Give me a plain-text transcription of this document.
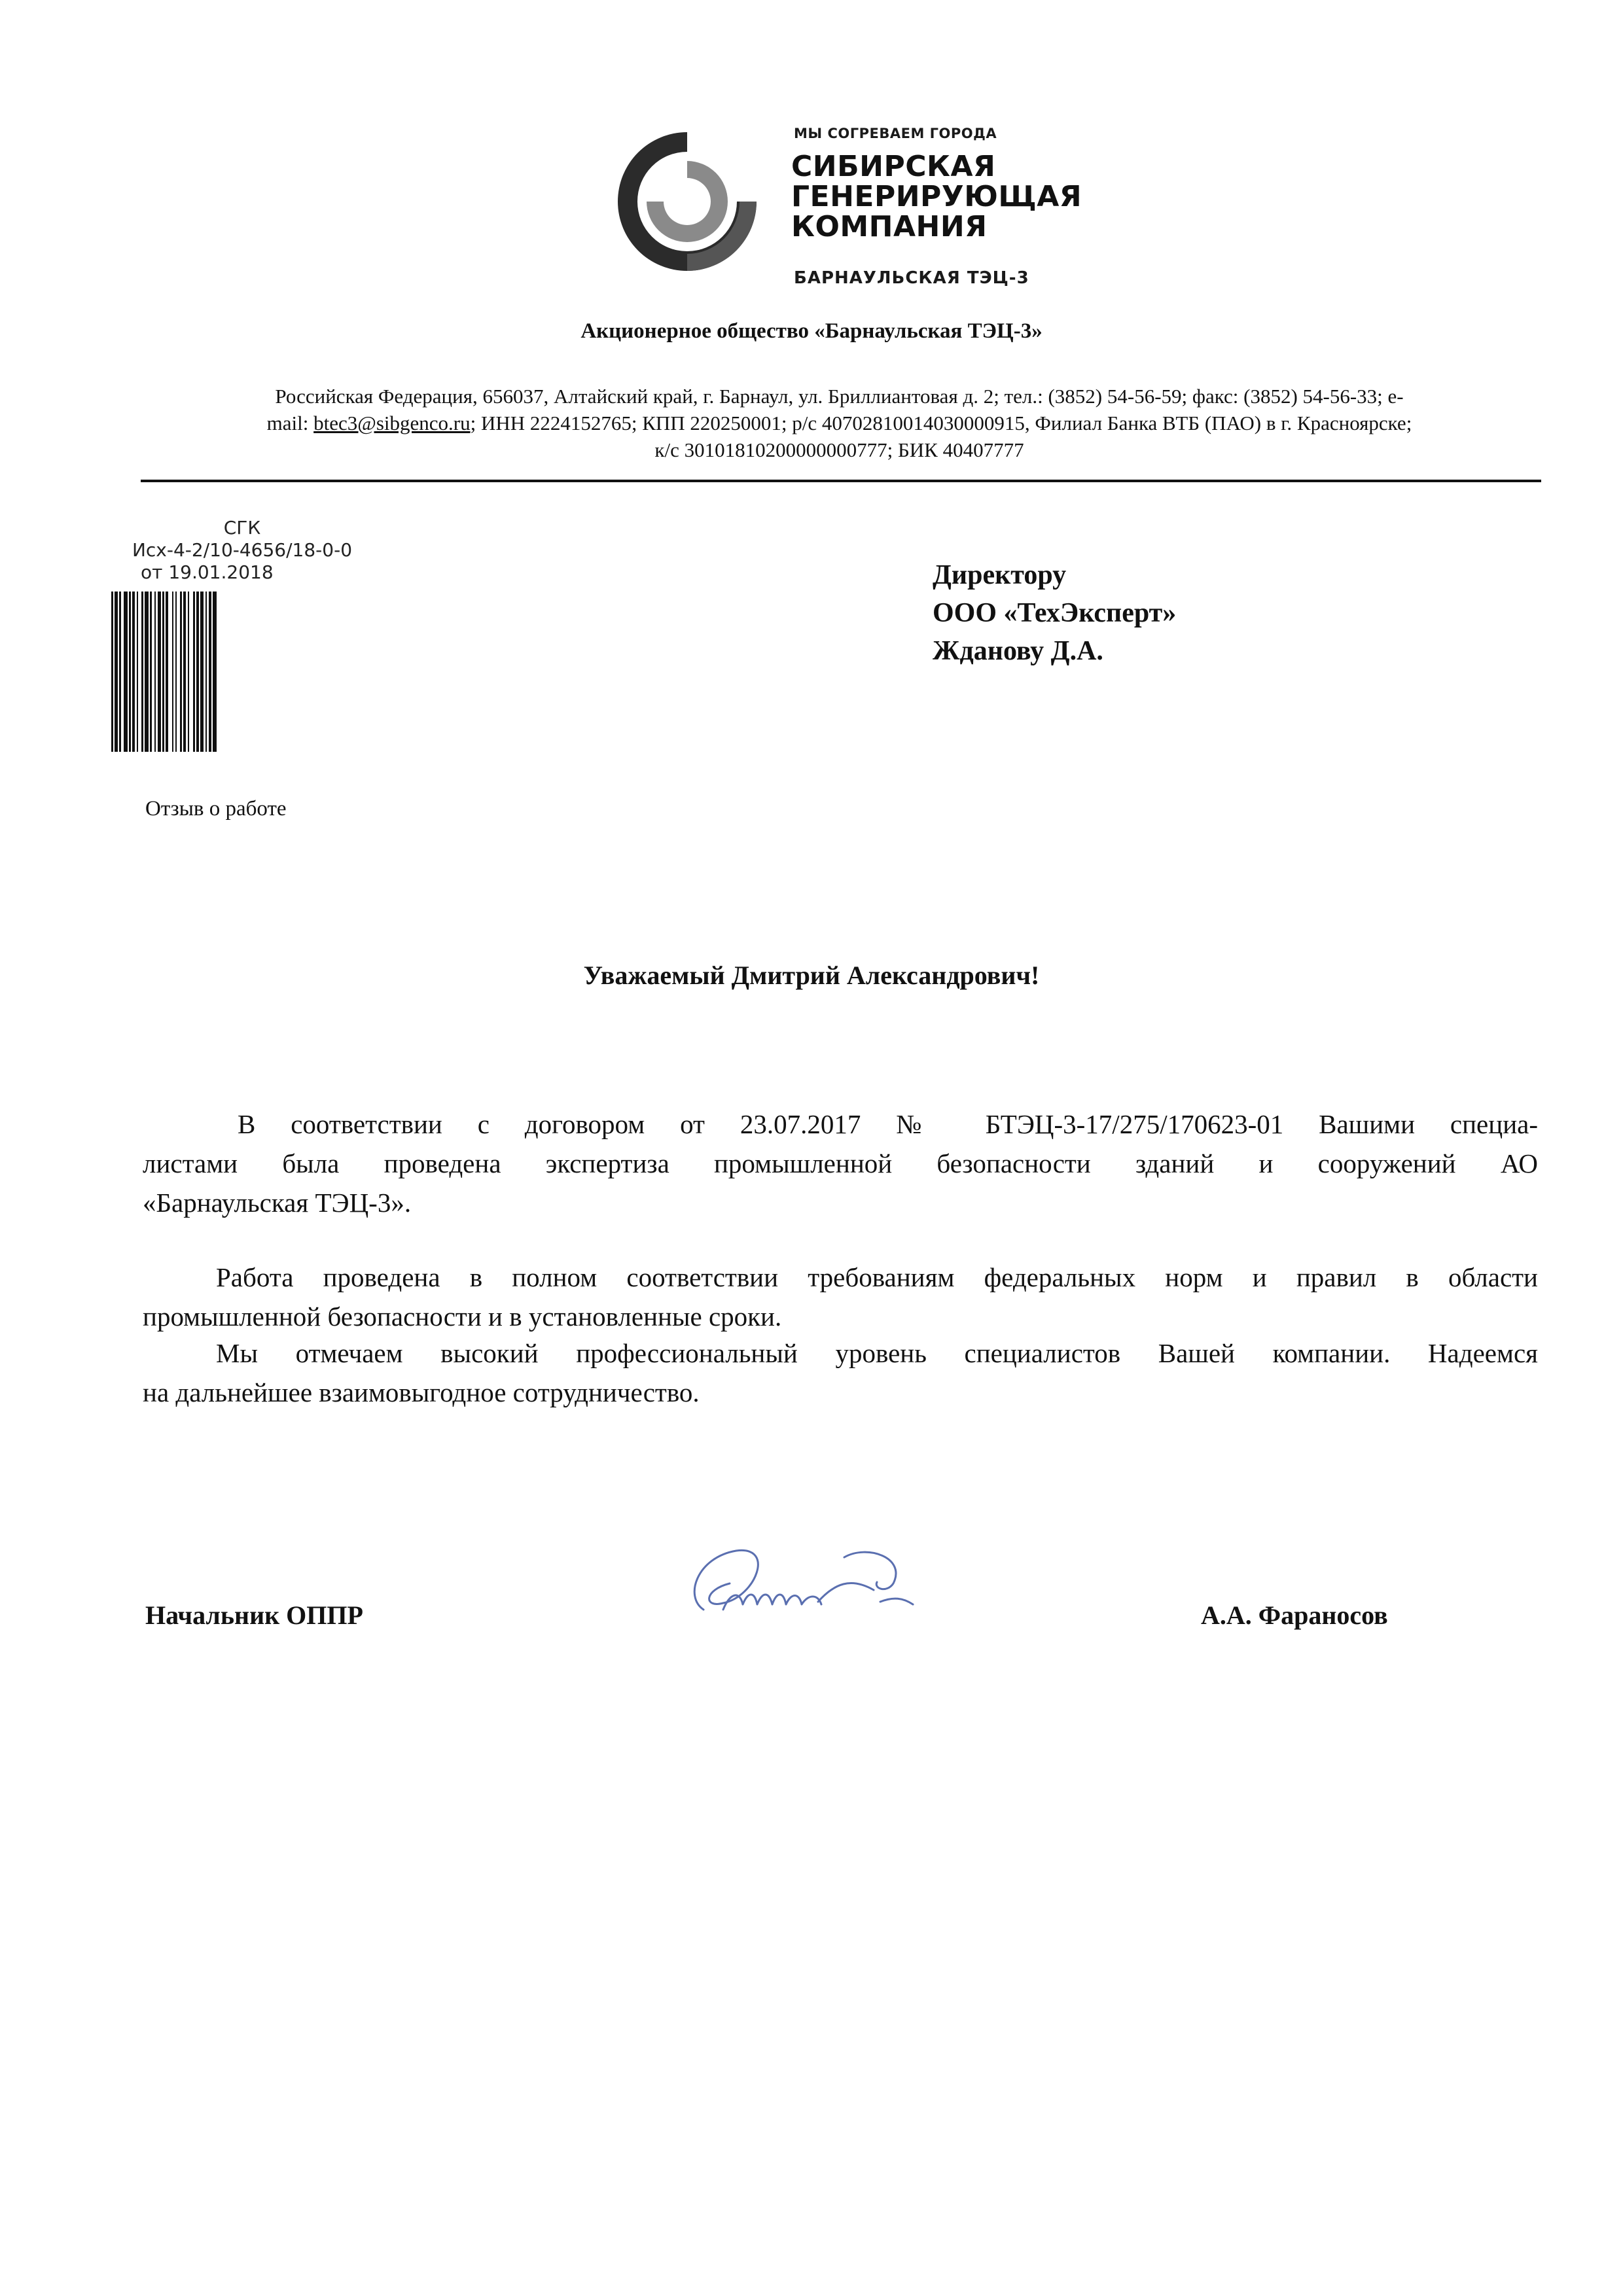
МЫ СОГРЕВАЕМ ГОРОДА
СИБИРСКАЯ
ГЕНЕРИРУЮЩАЯ
КОМПАНИЯ
БАРНАУЛЬСКАЯ ТЭЦ-3
Акционерное общество «Барнаульская ТЭЦ-3»
Российская Федерация, 656037, Алтайский край, г. Барнаул, ул. Бриллиантовая д. 2; тел.: (3852) 54-56-59; факс: (3852) 54-56-33; e-
mail: btec3@sibgenco.ru; ИНН 2224152765; КПП 220250001; р/с 40702810014030000915, Филиал Банка ВТБ (ПАО) в г. Красноярске;
к/с 30101810200000000777; БИК 40407777
СГК
Исх-4-2/10-4656/18-0-0
от 19.01.2018	Директору
ООО «ТехЭксперт»
Жданову Д.А.
Отзыв о работе
Уважаемый Дмитрий Александрович!
В соответствии с договором от 23.07.2017 № БТЭЦ-3-17/275/170623-01 Вашими специа-
листами была проведена экспертиза промышленной безопасности зданий и сооружений АО
«Барнаульская ТЭЦ-3».
Работа проведена в полном соответствии требованиям федеральных норм и правил в области
промышленной безопасности и в установленные сроки.
Мы отмечаем высокий профессиональный уровень специалистов Вашей компании. Надеемся
на дальнейшее взаимовыгодное сотрудничество.
Начальник ОППР	А.А. Фараносов
